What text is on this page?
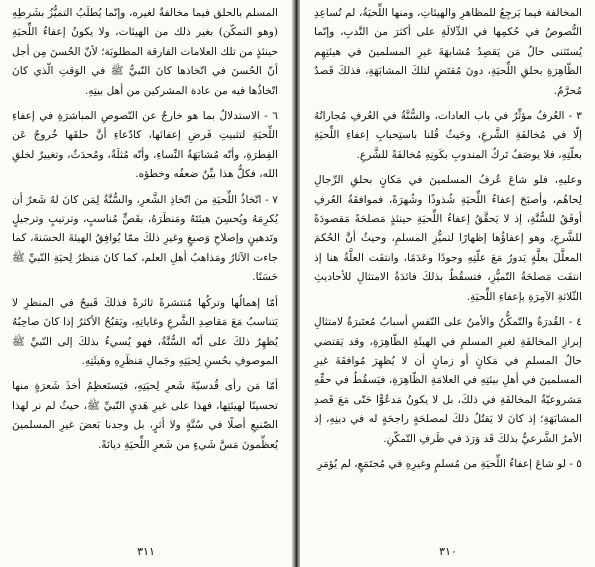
المسلم بالحلق فيما مخالفةٌ لغيره، وإنّما يُطلَبُ التميُّزُ بشَرطِهِ (وهو التمكّن) بغير ذلك من الهيئات، ولا يكونُ إعفاءُ اللِّحيَةِ حينئذٍ من تلك العلامات الفارقة المطلوبَة؛ لأنّ الحُسنَ مِن أجل أنّ الحُسنَ في اتّخاذها كانَ النّبيُّ ﷺ في الوَقتِ الّذي كانَ اتّخاذُها فيه من عادة المشركين من أهل بيتِهِ.

٦ - الاستدلالُ بما هو خارجٌ عن النّصوصِ المباشرَةِ في إعفاءِ اللِّحيَةِ لتثبيتِ فَرضِ إعفائها، كادّعاءِ أنَّ حلقَها خُروجٌ عَن الفِطرَةِ، وأنّه مُشابَهَةُ النِّساءِ، وأنّه مُثلَةٌ، ومُحدَثٌ، وتغييرٌ لخلقِ الله، فكلُّ هذا بيِّنٌ ضعفُه وخطؤه.

٧ - اتّخاذُ اللِّحيَةِ من اتّخاذِ الشَّعرِ، والسُّنَّةُ لِمَن كانَ لهُ شَعرٌ أن يُكرِمَهُ ويُحسِنَ هيئتَهُ ومَنظَرَهُ، بقَصٍّ مُناسبٍ، وترتيبٍ وترجيلٍ وتَدهينٍ وإصلاحِ وَصبغٍ وغيرِ ذلكَ ممّا يُوافِقُ الهيئةَ الحسَنةَ، كما جاءت الآثارُ ومَذاهبُ أهلِ العلم، كما كانَ مَنظرُ لِحيَةِ النّبيِّ ﷺ حَسَنًا.

أمّا إهمالُها وتركُها مُنتشرةً ثائرةً فذلكَ قَبيحٌ في المنظرِ لا يَتناسبُ مَعَ مَقاصِدِ الشَّرعِ وغاياتِهِ، ويَقبُحُ الأكثرُ إذا كانَ صاحِبُهُ يُظهِرُ ذلكَ على أنّه السُّنَّةُ، فهو يُسيءُ بذلكَ إلى النّبيِّ ﷺ الموصوفِ بحُسنِ لِحيَتِهِ وجَمالِ مَنظَرِهِ وهَيئَتِهِ.

أمّا مَن رأى قُدسيّةَ شَعرِ لِحيَتِهِ، فيَستَعظِمُ أخذَ شَعرَةٍ منها تحسينًا لهيئتِها، فهذا على غيرِ هَديِ النّبيِّ ﷺ، حيثُ لم نر لهذا الصّنيعِ أصلًا في سُنَّةٍ ولا أثرٍ، بل وجدنا بَعضَ غيرِ المسلمينَ يُعظِّمونَ مَسَّ شَيءٍ من شَعرِ اللِّحيَةِ ديانَةً.

٣١١

المخالفة فيما يَرجِعُ للمظاهرِ والهيئاتِ، ومنها اللِّحيَةُ، لم تُساعِدِ النُّصوصُ في حُكمِها في الدِّلالَةِ على أكثرَ من النَّدبِ، وإنّما يُستَثنى حالُ مَن يَقصِدُ مُشابهَةَ غيرِ المسلمينَ في هيئتِهِم الظّاهِرَةِ بحلقِ اللِّحيَةِ، دونَ مُقتَضٍ لتلكَ المشابَهَةِ، فذلكَ قَصدٌ مُحرَّمٌ.

٣ - العُرفُ مؤثِّرٌ في باب العادات، والسُّنَّةُ في العُرفِ مُجاراتُهُ إلّا في مُخالفَةِ الشَّرعِ، وحَيثُ قُلنا باستِحبابِ إعفاءِ اللِّحيَةِ بعلّتِهِ، فلا يوصَفُ تَركُ المندوبِ بكَونِهِ مُخالفَةً للشَّرعِ.

وعليهِ، فلو شاعَ عُرفُ المسلمينَ في مَكانٍ بحلقِ الرِّجالِ لِحاهُم، وأصبَحَ إعفاءُ اللِّحيَةِ شُذوذًا وشُهرَةً، فموافقَةُ العُرفِ أوفَقُ للسُّنَّةِ، إذ لا يَحقَّقُ إعفاءُ اللِّحيَةِ حينئذٍ مَصلحَةً مَقصودَةً للشَّرعِ، وهو إعفاؤُها إظهارًا لتميُّزِ المسلمِ، وحيثُ أنَّ الحُكمَ المعلَّلَ بعلَّةٍ يَدورُ مَعَ علّتِهِ وجودًا وعَدَمًا، وانتفَت العلَّةُ هنا إذ انتفَت مَصلحَةُ التّميُّزِ، فتسقُطُ بذلكَ فائدَةُ الامتثالِ للأحاديثِ الثّلاثةِ الآمِرَةِ بإعفاءِ اللِّحيَةِ.

٤ - القُدرَةُ والتّمكُّنُ والأمنُ على النّفسِ أسبابٌ مُعتَبرَةٌ لامتثالِ إبرازِ المخالفَةِ لغيرِ المسلمِ في الهيئَةِ الظّاهِرَةِ، وقد يَقتضي حالُ المسلمِ في مَكانٍ أو زمانٍ أن لا يُظهِرَ مُوافقَةَ غيرِ المسلمينَ في أهلِ بيئتِهِ في العلامَةِ الظّاهِرَةِ، فيَسقُطُ في حقِّهِ مَشروعيّةُ المخالفَةِ في ذلكَ، بل لا يكونُ مَدعُوًّا حَتّى مَعَ قَصدِ المشابَهَةِ؛ إذ كانَ لا يَقتُلُ ذلكَ لمصلحَةٍ راجحَةٍ له في دينِهِ، إذ الأمرُ الشَّرعيُّ بذلكَ قَد وَرَدَ في ظَرفِ التّمكّنِ.

٥ - لو شاعَ إعفاءُ اللِّحيَةِ من مُسلمٍ وغيرِهِ في مُجتَمَعٍ، لم يُؤمَرِ

٣١٠
